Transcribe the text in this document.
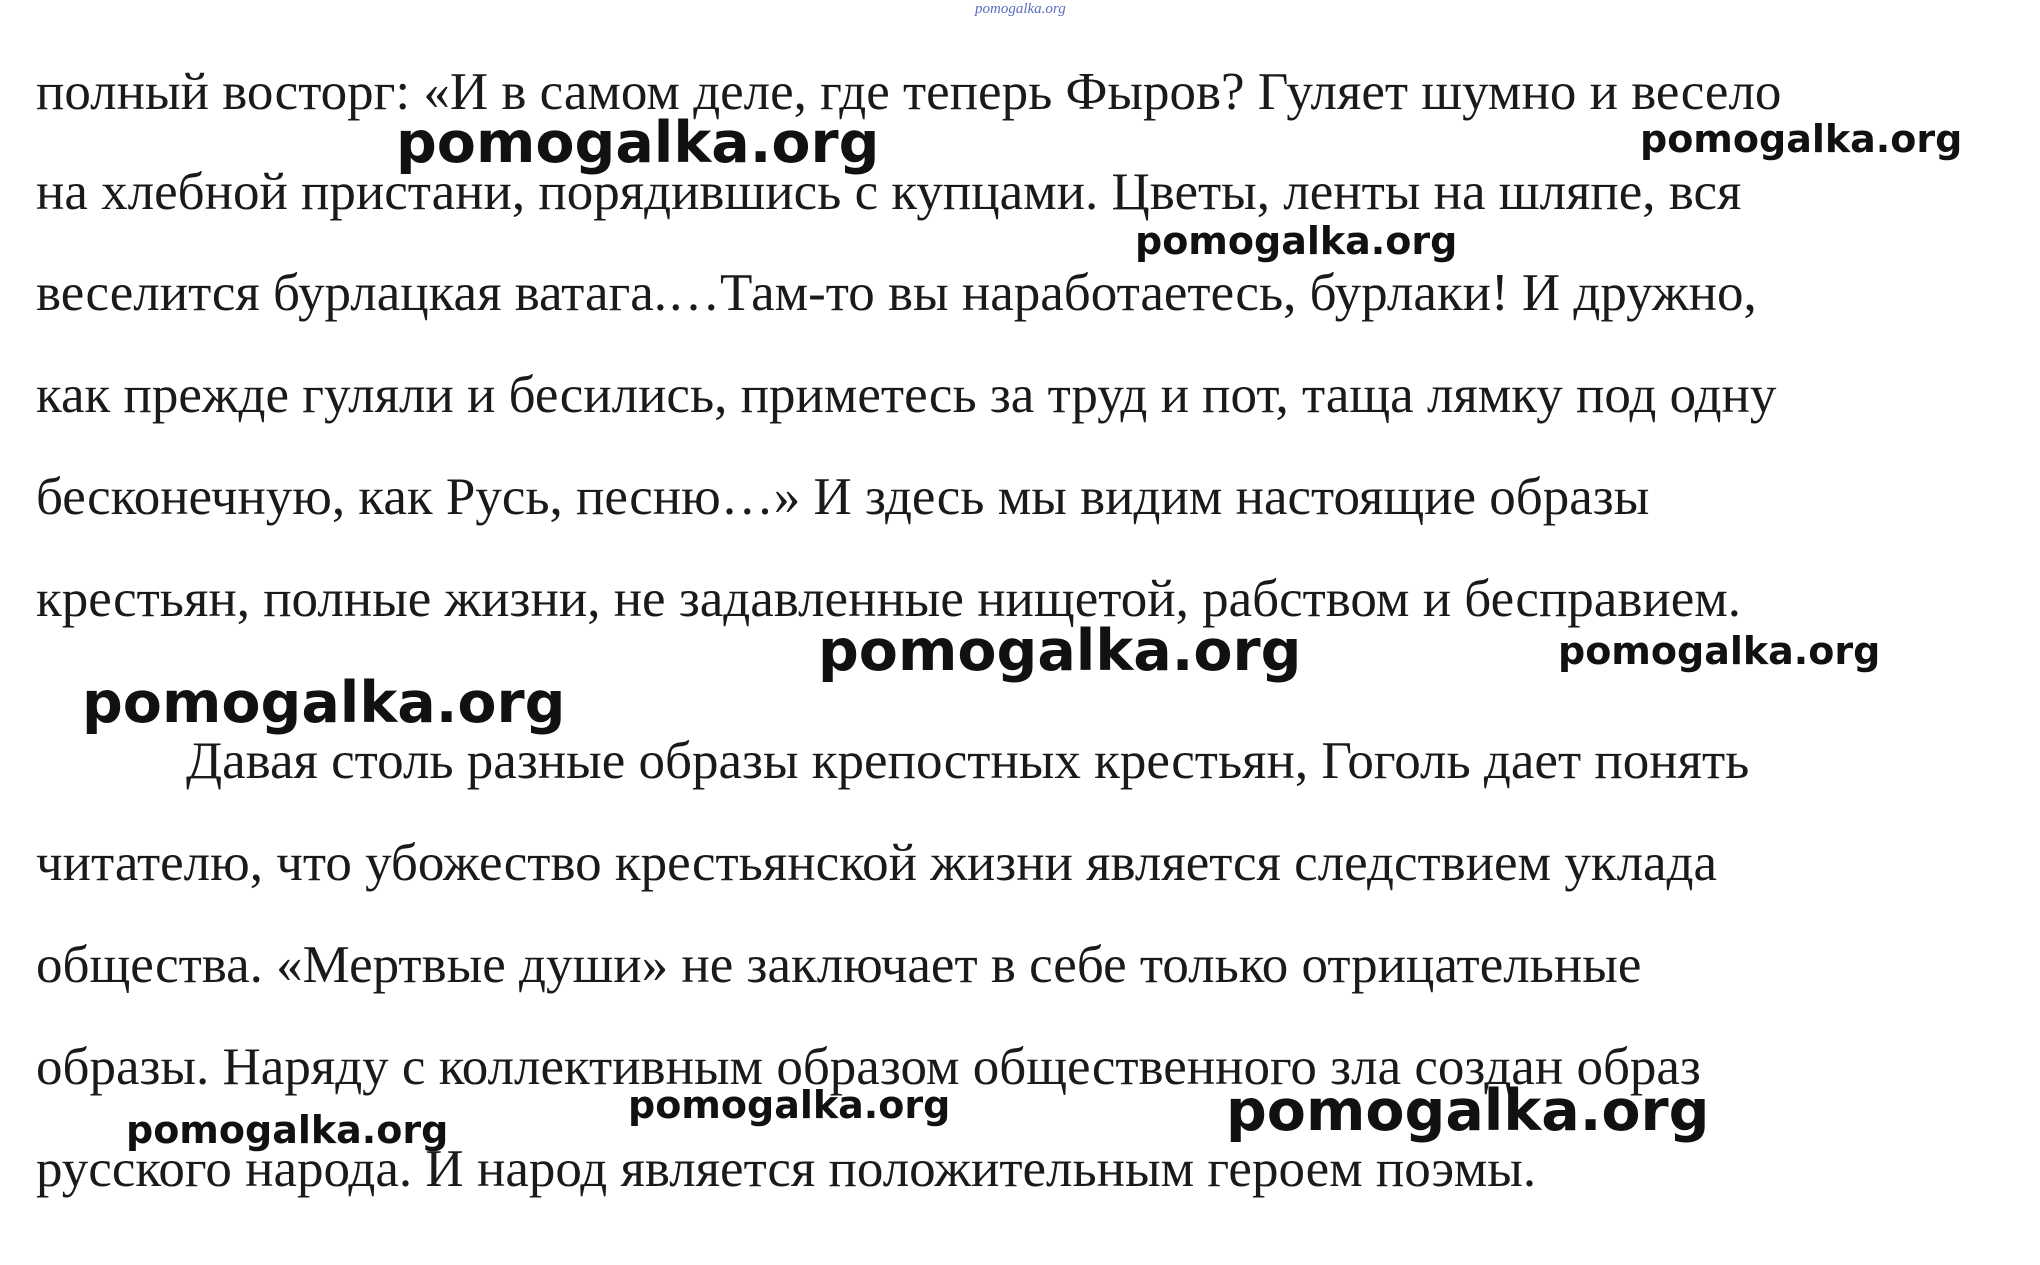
pomogalka.org
полный восторг: «И в самом деле, где теперь Фыров? Гуляет шумно и весело
на хлебной пристани, порядившись с купцами. Цветы, ленты на шляпе, вся
веселится бурлацкая ватага.…Там-то вы наработаетесь, бурлаки! И дружно,
как прежде гуляли и бесились, приметесь за труд и пот, таща лямку под одну
бесконечную, как Русь, песню…» И здесь мы видим настоящие образы
крестьян, полные жизни, не задавленные нищетой, рабством и бесправием.
Давая столь разные образы крепостных крестьян, Гоголь дает понять
читателю, что убожество крестьянской жизни является следствием уклада
общества. «Мертвые души» не заключает в себе только отрицательные
образы. Наряду с коллективным образом общественного зла создан образ
русского народа. И народ является положительным героем поэмы.
pomogalka.org	pomogalka.org
pomogalka.org
pomogalka.org	pomogalka.org
pomogalka.org
pomogalka.org	pomogalka.org
pomogalka.org
